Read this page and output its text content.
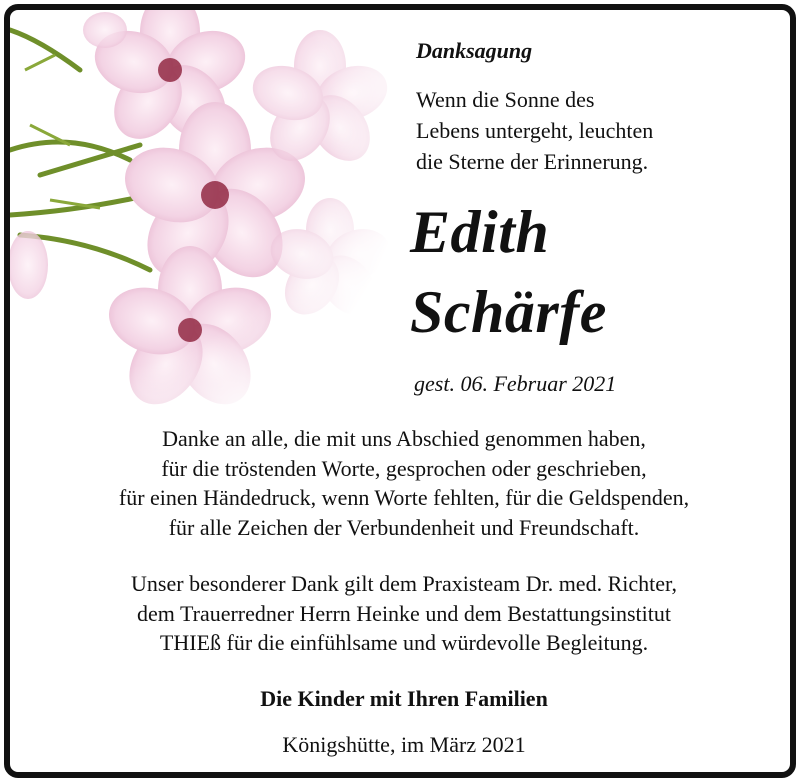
Danksagung
Wenn die Sonne des
Lebens untergeht, leuchten
die Sterne der Erinnerung.
Edith
Schärfe
gest. 06. Februar 2021
Danke an alle, die mit uns Abschied genommen haben,
für die tröstenden Worte, gesprochen oder geschrieben,
für einen Händedruck, wenn Worte fehlten, für die Geldspenden,
für alle Zeichen der Verbundenheit und Freundschaft.
Unser besonderer Dank gilt dem Praxisteam Dr. med. Richter,
dem Trauerredner Herrn Heinke und dem Bestattungsinstitut
THIEß für die einfühlsame und würdevolle Begleitung.
Die Kinder mit Ihren Familien
Königshütte, im März 2021
